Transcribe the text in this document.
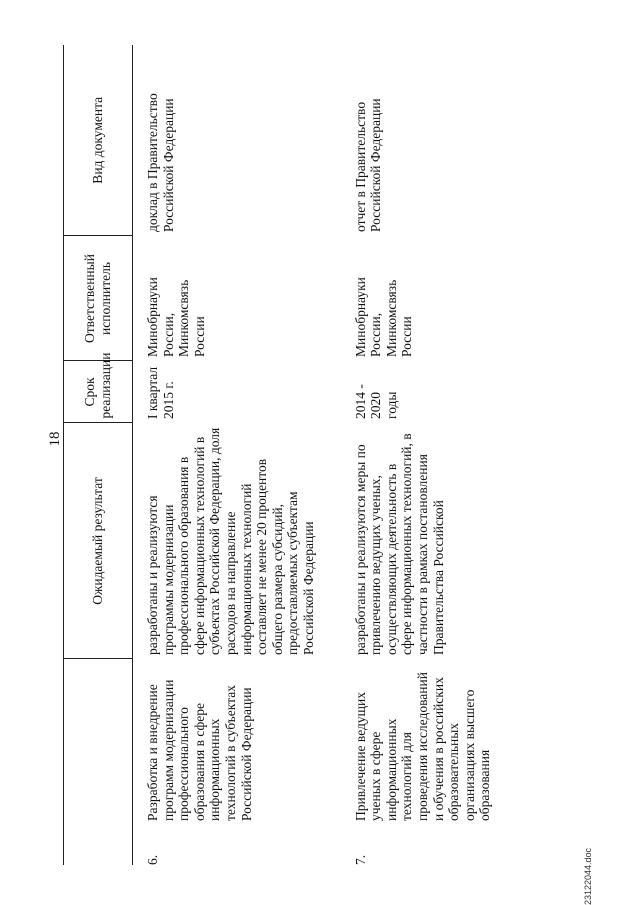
18
		Ожидаемый результат	Срок реализации	Ответственный исполнитель	Вид документа
6.	Разработка и внедрение программ модернизации профессионального образования в сфере информационных технологий в субъектах Российской Федерации	разработаны и реализуются программы модернизации профессионального образования в сфере информационных технологий в субъектах Российской Федерации, доля расходов на направление информационных технологий составляет не менее 20 процентов общего размера субсидий, предоставляемых субъектам Российской Федерации	I квартал 2015 г.	Минобрнауки России, Минкомсвязь России	доклад в Правительство Российской Федерации

7.	Привлечение ведущих ученых в сфере информационных технологий для проведения исследований и обучения в российских образовательных организациях высшего образования	разработаны и реализуются меры по привлечению ведущих ученых, осуществляющих деятельность в сфере информационных технологий, в частности в рамках постановления Правительства Российской	2014 - 2020 годы	Минобрнауки России, Минкомсвязь России	отчет в Правительство Российской Федерации
23122044.doc
